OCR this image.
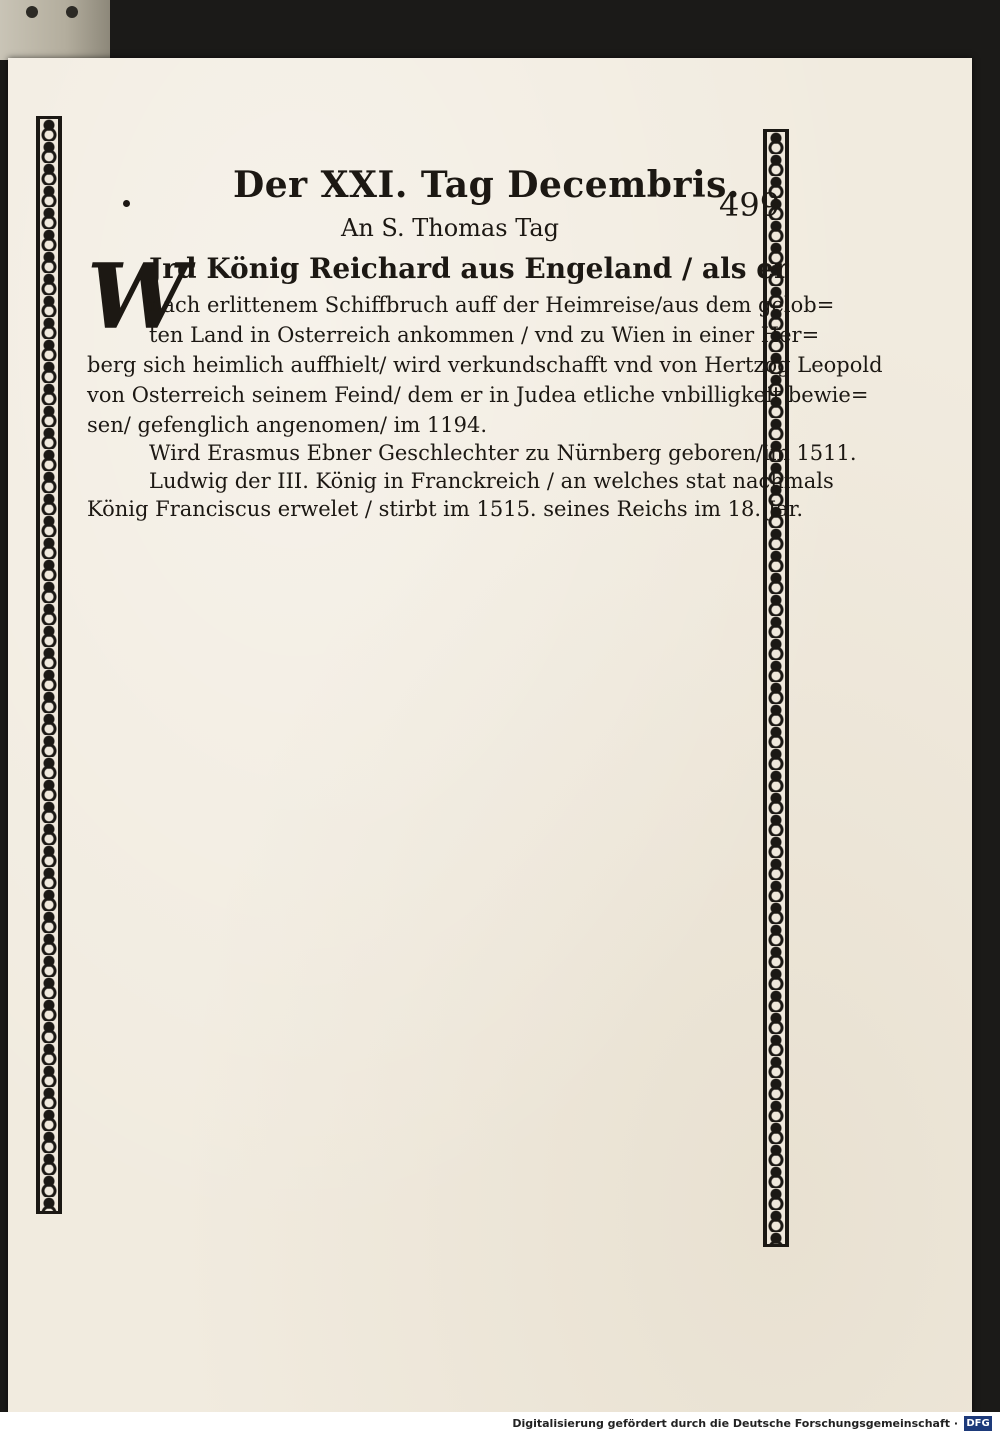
Der XXI. Tag Decembris.
499
An S. Thomas Tag
W
Jrd König Reichard aus Engeland / als er
nach erlittenem Schiffbruch auff der Heimreise/aus dem gelob=
ten Land in Osterreich ankommen / vnd zu Wien in einer Her=
berg sich heimlich auffhielt/ wird verkundschafft vnd von Hertzog Leopold
von Osterreich seinem Feind/ dem er in Judea etliche vnbilligkeit bewie=
sen/ gefenglich angenomen/ im 1194.
Wird Erasmus Ebner Geschlechter zu Nürnberg geboren/im 1511.
Ludwig der III. König in Franckreich / an welches stat nachmals
König Franciscus erwelet / stirbt im 1515. seines Reichs im 18. Jar.
Digitalisierung gefördert durch die Deutsche Forschungsgemeinschaft · DFG
